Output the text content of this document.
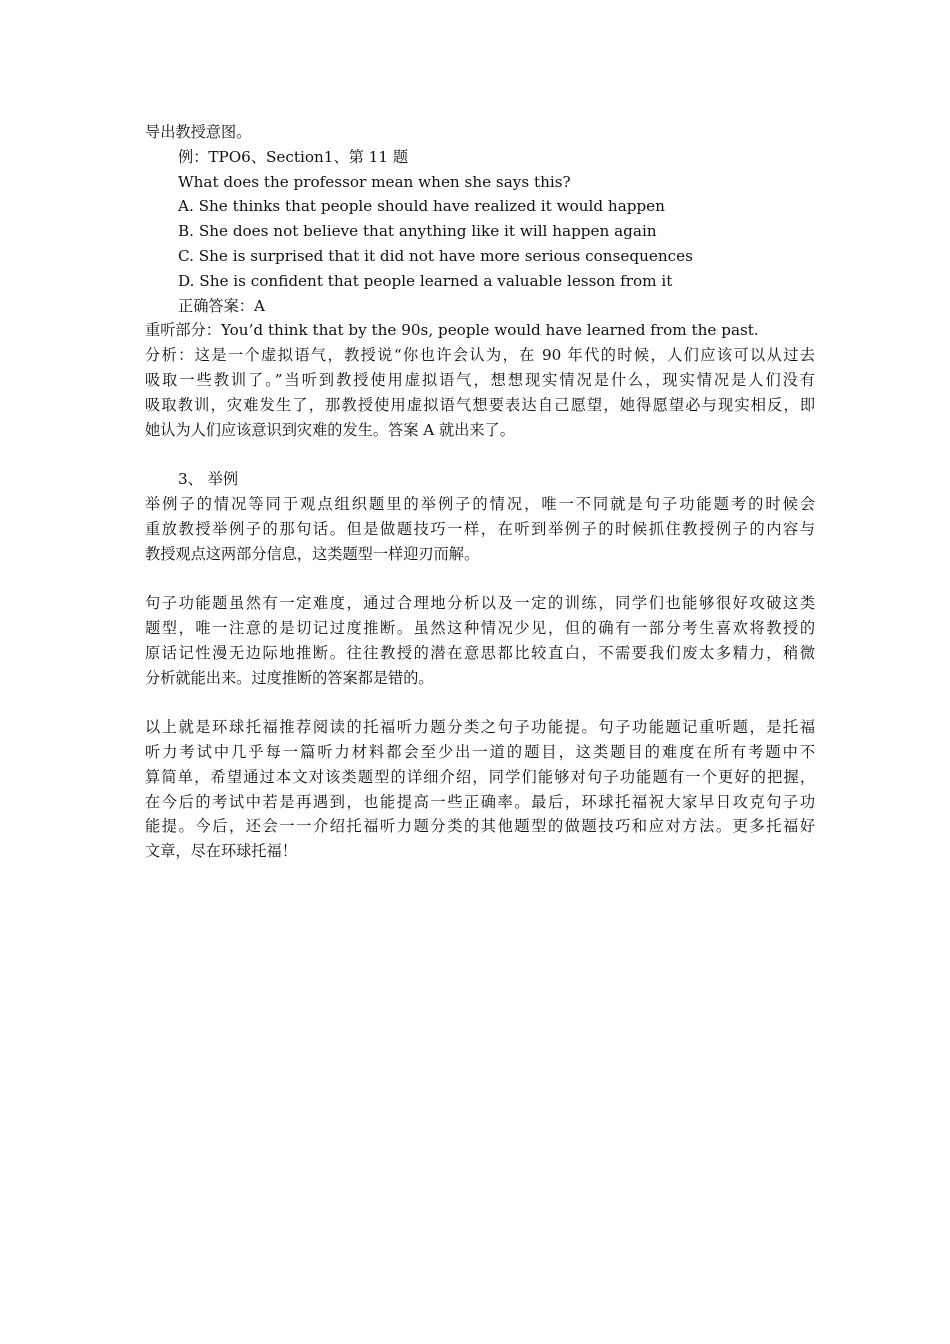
导出教授意图。
例：TPO6、Section1、第 11 题
What does the professor mean when she says this?
A. She thinks that people should have realized it would happen
B. She does not believe that anything like it will happen again
C. She is surprised that it did not have more serious consequences
D. She is confident that people learned a valuable lesson from it
正确答案：A
重听部分：You’d think that by the 90s, people would have learned from the past.
分析：这是一个虚拟语气，教授说“你也许会认为，在 90 年代的时候，人们应该可以从过去
吸取一些教训了。”当听到教授使用虚拟语气，想想现实情况是什么，现实情况是人们没有
吸取教训，灾难发生了，那教授使用虚拟语气想要表达自己愿望，她得愿望必与现实相反，即
她认为人们应该意识到灾难的发生。答案 A 就出来了。
3、 举例
举例子的情况等同于观点组织题里的举例子的情况，唯一不同就是句子功能题考的时候会
重放教授举例子的那句话。但是做题技巧一样，在听到举例子的时候抓住教授例子的内容与
教授观点这两部分信息，这类题型一样迎刃而解。
句子功能题虽然有一定难度，通过合理地分析以及一定的训练，同学们也能够很好攻破这类
题型，唯一注意的是切记过度推断。虽然这种情况少见，但的确有一部分考生喜欢将教授的
原话记性漫无边际地推断。往往教授的潜在意思都比较直白，不需要我们废太多精力，稍微
分析就能出来。过度推断的答案都是错的。
以上就是环球托福推荐阅读的托福听力题分类之句子功能提。句子功能题记重听题，是托福
听力考试中几乎每一篇听力材料都会至少出一道的题目，这类题目的难度在所有考题中不
算简单，希望通过本文对该类题型的详细介绍，同学们能够对句子功能题有一个更好的把握，
在今后的考试中若是再遇到，也能提高一些正确率。最后，环球托福祝大家早日攻克句子功
能提。今后，还会一一介绍托福听力题分类的其他题型的做题技巧和应对方法。更多托福好
文章，尽在环球托福！
